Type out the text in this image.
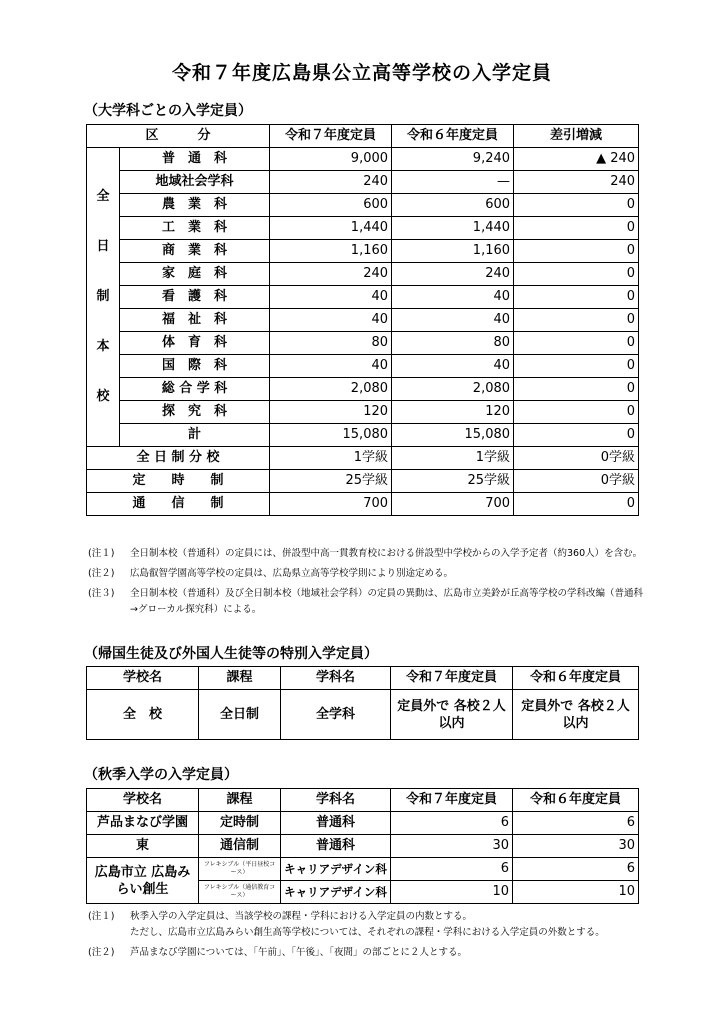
令和７年度広島県公立高等学校の入学定員
（大学科ごとの入学定員）
区　　　分		令和７年度定員	令和６年度定員	差引増減

全
日
制
本
校	普　通　科	9,000	9,240	▲ 240
	地域社会学科	240	—	240
	農　業　科	600	600	0
	工　業　科	1,440	1,440	0
	商　業　科	1,160	1,160	0
	家　庭　科	240	240	0
	看　護　科	40	40	0
	福　祉　科	40	40	0
	体　育　科	80	80	0
	国　際　科	40	40	0
	総 合 学 科	2,080	2,080	0
	探　究　科	120	120	0
	計	15,080	15,080	0
全 日 制 分 校		1学級	1学級	0学級
定　　時　　制		25学級	25学級	0学級
通　　信　　制		700	700	0
(注１)	全日制本校（普通科）の定員には、併設型中高一貫教育校における併設型中学校からの入学予定者（約360人）を含む。
(注２)	広島叡智学園高等学校の定員は、広島県立高等学校学則により別途定める。
(注３)	全日制本校（普通科）及び全日制本校（地域社会学科）の定員の異動は、広島市立美鈴が丘高等学校の学科改編（普通科→グローカル探究科）による。
（帰国生徒及び外国人生徒等の特別入学定員）
学校名	課程	学科名	令和７年度定員	令和６年度定員
全　校	全日制	全学科	定員外で 各校２人以内	定員外で 各校２人以内
（秋季入学の入学定員）
学校名	課程	学科名	令和７年度定員	令和６年度定員
芦品まなび学園	定時制	普通科	6	6
東	通信制	普通科	30	30
広島市立 広島みらい創生	フレキシブル（平日昼校コース）	キャリアデザイン科	6	6
	フレキシブル（通信教育コース）	キャリアデザイン科	10	10
(注１)	秋季入学の入学定員は、当該学校の課程・学科における入学定員の内数とする。
ただし、広島市立広島みらい創生高等学校については、それぞれの課程・学科における入学定員の外数とする。
(注２)	芦品まなび学園については、「午前」、「午後」、「夜間」の部ごとに２人とする。
